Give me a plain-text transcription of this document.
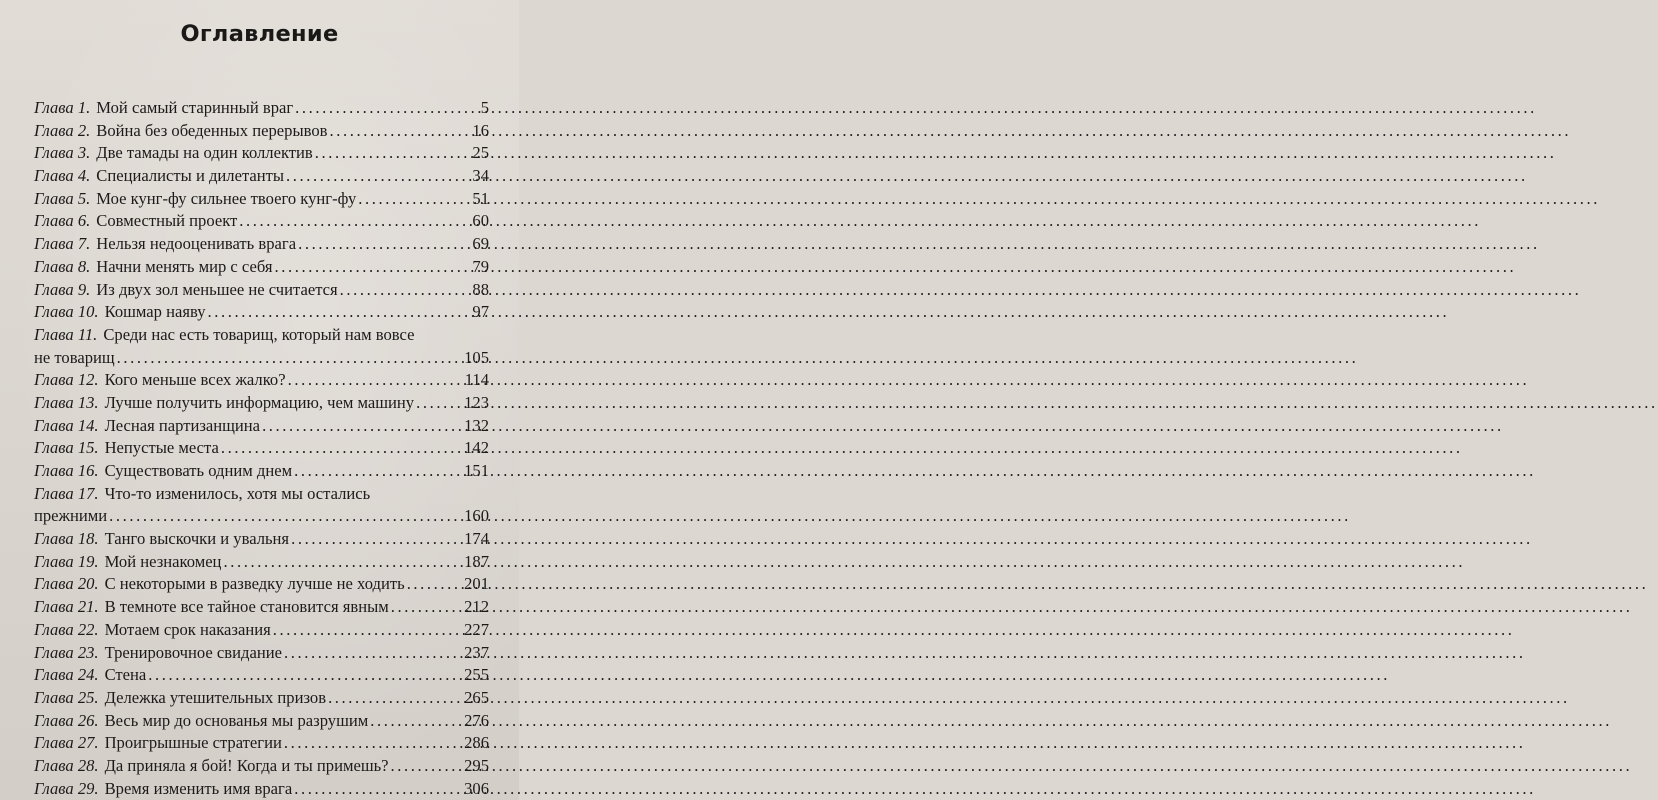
Оглавление
Глава 1. Мой самый старинный враг .....	5
Глава 2. Война без обеденных перерывов .....	16
Глава 3. Две тамады на один коллектив .....	25
Глава 4. Специалисты и дилетанты .....	34
Глава 5. Мое кунг-фу сильнее твоего кунг-фу .....	51
Глава 6. Совместный проект .....	60
Глава 7. Нельзя недооценивать врага .....	69
Глава 8. Начни менять мир с себя .....	79
Глава 9. Из двух зол меньшее не считается .....	88
Глава 10. Кошмар наяву .....	97
Глава 11. Среди нас есть товарищ, который нам вовсе
не товарищ .....	105
Глава 12. Кого меньше всех жалко? .....	114
Глава 13. Лучше получить информацию, чем машину .....	123
Глава 14. Лесная партизанщина .....	132
Глава 15. Непустые места .....	142
Глава 16. Существовать одним днем .....	151
Глава 17. Что-то изменилось, хотя мы остались
прежними .....	160
Глава 18. Танго выскочки и увальня .....	174
Глава 19. Мой незнакомец .....	187
Глава 20. С некоторыми в разведку лучше не ходить .....	201
Глава 21. В темноте все тайное становится явным .....	212
Глава 22. Мотаем срок наказания .....	227
Глава 23. Тренировочное свидание .....	237
Глава 24. Стена .....	255
Глава 25. Дележка утешительных призов .....	265
Глава 26. Весь мир до основанья мы разрушим .....	276
Глава 27. Проигрышные стратегии .....	286
Глава 28. Да приняла я бой! Когда и ты примешь? .....	295
Глава 29. Время изменить имя врага .....	306
